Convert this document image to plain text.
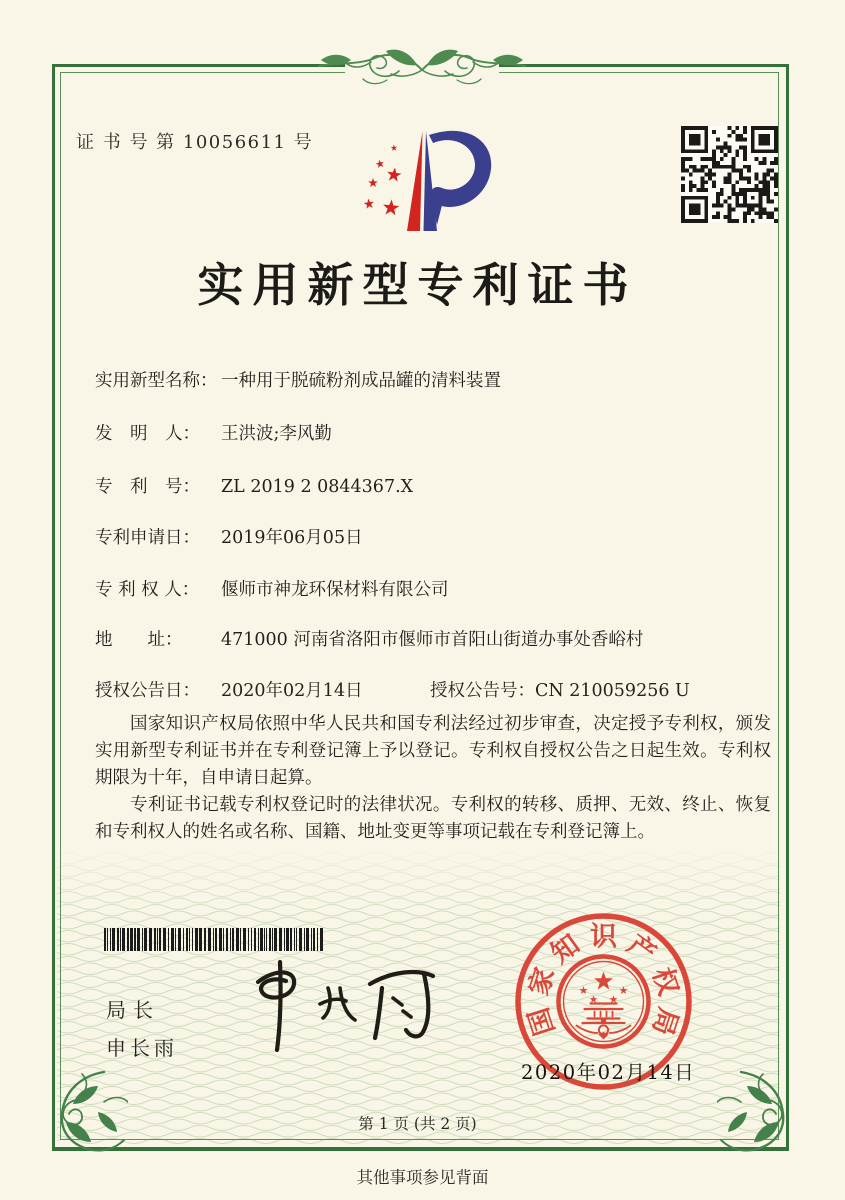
证 书 号 第 10056611 号
实用新型专利证书
实用新型名称： 一种用于脱硫粉剂成品罐的清料装置
发　明　人： 王洪波;李风勤
专　利　号： ZL 2019 2 0844367.X
专利申请日： 2019年06月05日
专 利 权 人： 偃师市神龙环保材料有限公司
地　　址： 471000 河南省洛阳市偃师市首阳山街道办事处香峪村
授权公告日： 2020年02月14日	授权公告号：CN 210059256 U
国家知识产权局依照中华人民共和国专利法经过初步审查，决定授予专利权，颁发实用新型专利证书并在专利登记簿上予以登记。专利权自授权公告之日起生效。专利权期限为十年，自申请日起算。
专利证书记载专利权登记时的法律状况。专利权的转移、质押、无效、终止、恢复和专利权人的姓名或名称、国籍、地址变更等事项记载在专利登记簿上。
局长
申长雨
国
家
知 识 产
权
局
2020年02月14日
第 1 页 (共 2 页)
其他事项参见背面
